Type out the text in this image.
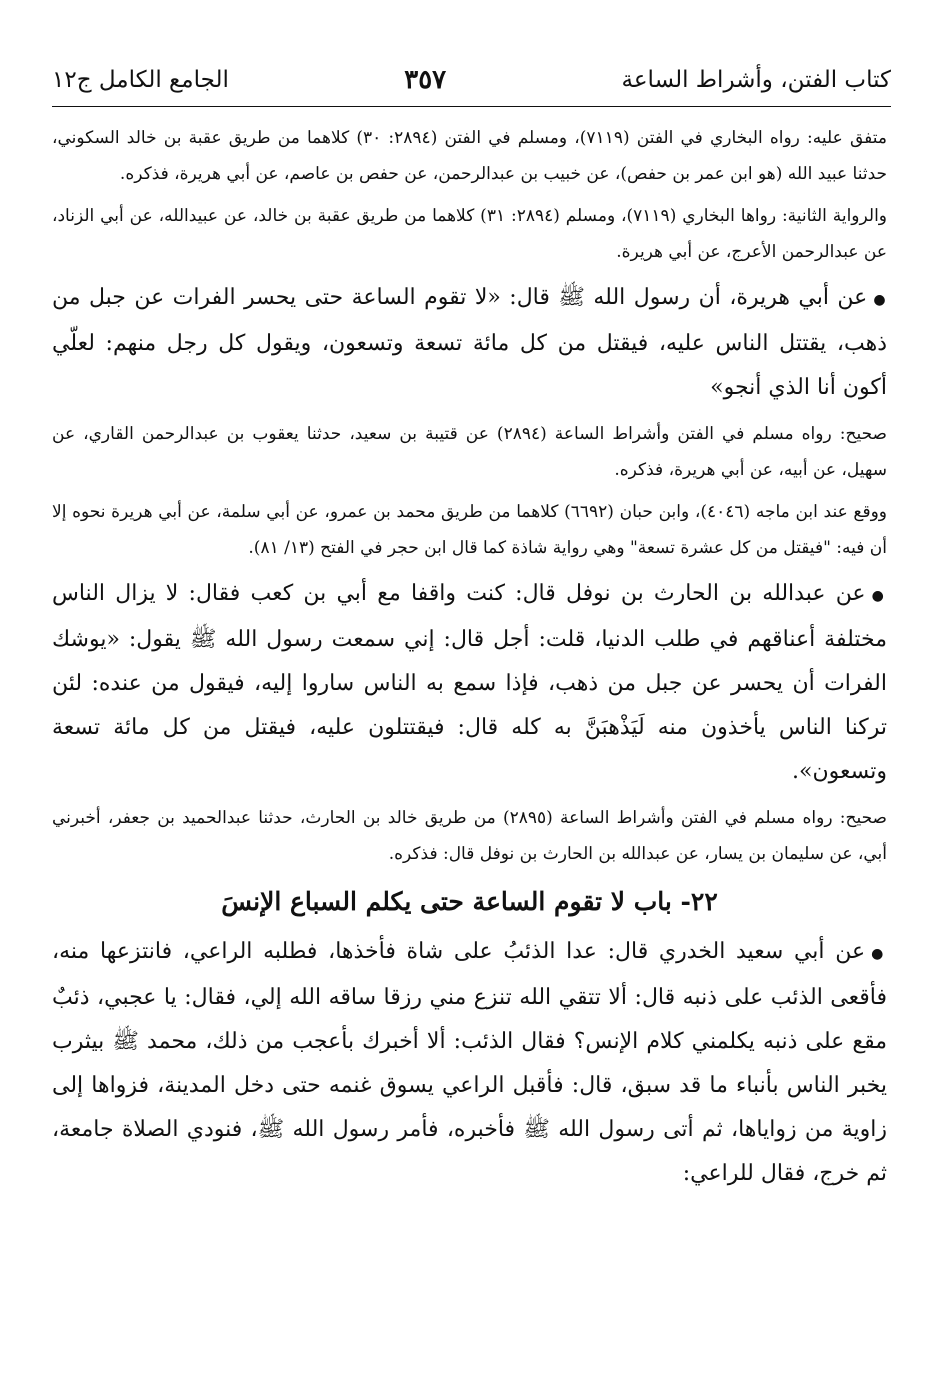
كتاب الفتن، وأشراط الساعة
٣٥٧
الجامع الكامل ج١٢

متفق عليه: رواه البخاري في الفتن (٧١١٩)، ومسلم في الفتن (٢٨٩٤: ٣٠) كلاهما من طريق عقبة بن خالد السكوني، حدثنا عبيد الله (هو ابن عمر بن حفص)، عن خبيب بن عبدالرحمن، عن حفص بن عاصم، عن أبي هريرة، فذكره.

والرواية الثانية: رواها البخاري (٧١١٩)، ومسلم (٢٨٩٤: ٣١) كلاهما من طريق عقبة بن خالد، عن عبيدالله، عن أبي الزناد، عن عبدالرحمن الأعرج، عن أبي هريرة.

●عن أبي هريرة، أن رسول الله ﷺ قال: «لا تقوم الساعة حتى يحسر الفرات عن جبل من ذهب، يقتتل الناس عليه، فيقتل من كل مائة تسعة وتسعون، ويقول كل رجل منهم: لعلّي أكون أنا الذي أنجو»

صحيح: رواه مسلم في الفتن وأشراط الساعة (٢٨٩٤) عن قتيبة بن سعيد، حدثنا يعقوب بن عبدالرحمن القاري، عن سهيل، عن أبيه، عن أبي هريرة، فذكره.

ووقع عند ابن ماجه (٤٠٤٦)، وابن حبان (٦٦٩٢) كلاهما من طريق محمد بن عمرو، عن أبي سلمة، عن أبي هريرة نحوه إلا أن فيه: "فيقتل من كل عشرة تسعة" وهي رواية شاذة كما قال ابن حجر في الفتح (١٣/ ٨١).

●عن عبدالله بن الحارث بن نوفل قال: كنت واقفا مع أبي بن كعب فقال: لا يزال الناس مختلفة أعناقهم في طلب الدنيا، قلت: أجل قال: إني سمعت رسول الله ﷺ يقول: «يوشك الفرات أن يحسر عن جبل من ذهب، فإذا سمع به الناس ساروا إليه، فيقول من عنده: لئن تركنا الناس يأخذون منه لَيَذْهبَنَّ به كله قال: فيقتتلون عليه، فيقتل من كل مائة تسعة وتسعون».

صحيح: رواه مسلم في الفتن وأشراط الساعة (٢٨٩٥) من طريق خالد بن الحارث، حدثنا عبدالحميد بن جعفر، أخبرني أبي، عن سليمان بن يسار، عن عبدالله بن الحارث بن نوفل قال: فذكره.

٢٢- باب لا تقوم الساعة حتى يكلم السباع الإنسَ

●عن أبي سعيد الخدري قال: عدا الذئبُ على شاة فأخذها، فطلبه الراعي، فانتزعها منه، فأقعى الذئب على ذنبه قال: ألا تتقي الله تنزع مني رزقا ساقه الله إلي، فقال: يا عجبي، ذئبٌ مقع على ذنبه يكلمني كلام الإنس؟ فقال الذئب: ألا أخبرك بأعجب من ذلك، محمد ﷺ بيثرب يخبر الناس بأنباء ما قد سبق، قال: فأقبل الراعي يسوق غنمه حتى دخل المدينة، فزواها إلى زاوية من زواياها، ثم أتى رسول الله ﷺ فأخبره، فأمر رسول الله ﷺ، فنودي الصلاة جامعة، ثم خرج، فقال للراعي:
